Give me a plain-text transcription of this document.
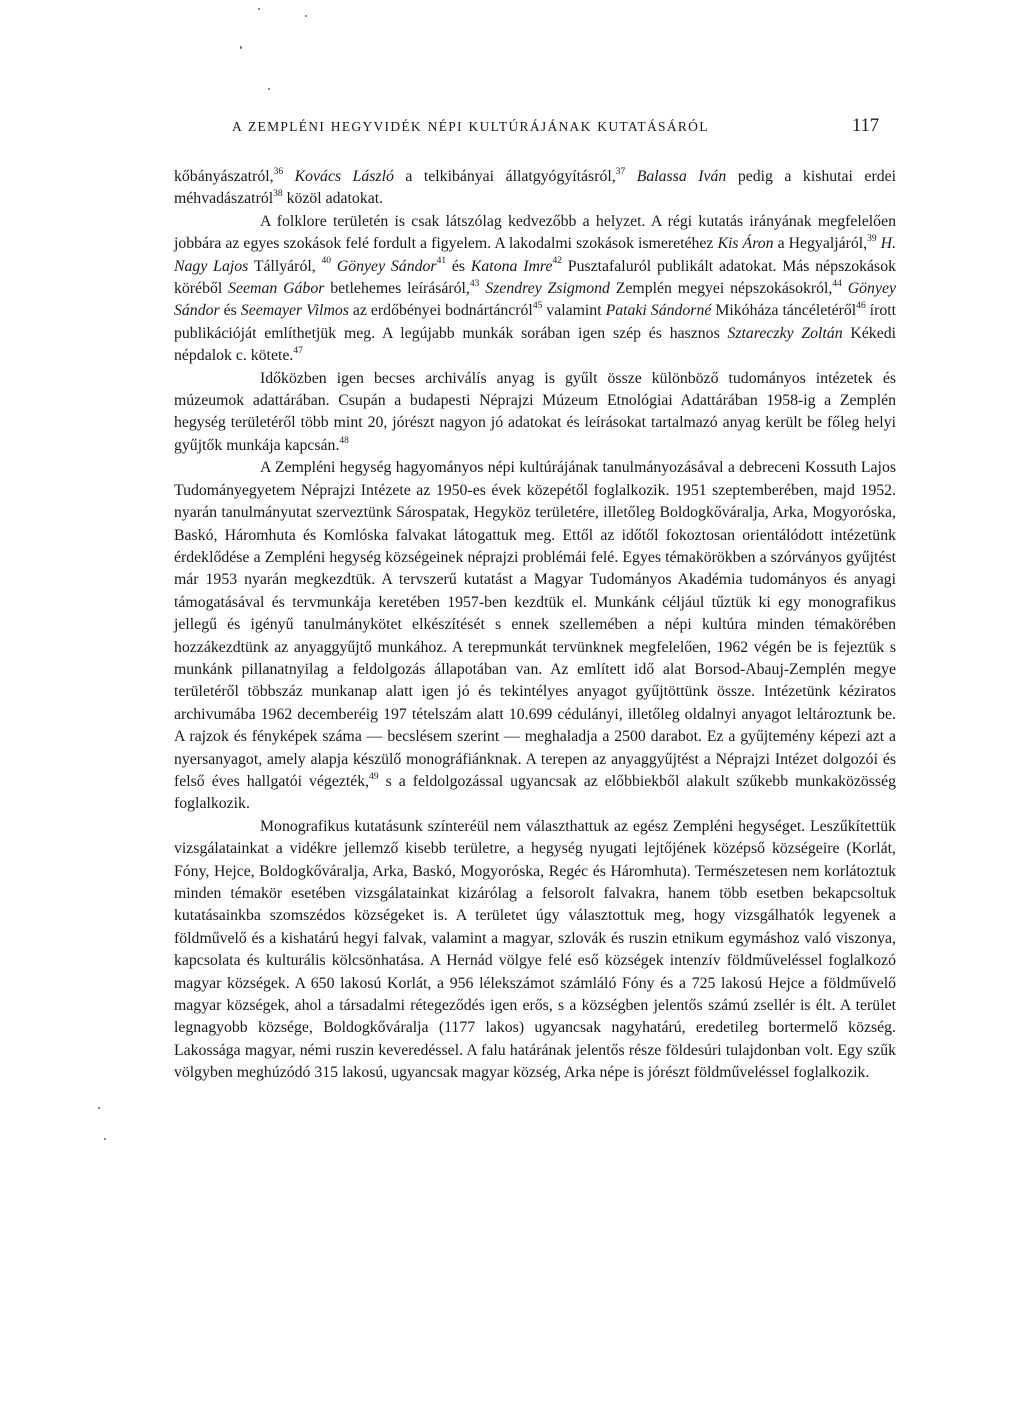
A ZEMPLÉNI HEGYVIDÉK NÉPI KULTÚRÁJÁNAK KUTATÁSÁRÓL	117

kőbányászatról,$^{36}$ Kovács László a telkibányai állatgyógyításról,$^{37}$ Balassa Iván pedig a kishutai erdei méhvadászatról$^{38}$ közöl adatokat.

A folklore területén is csak látszólag kedvezőbb a helyzet. A régi kutatás irányának megfelelően jobbára az egyes szokások felé fordult a figyelem. A lakodalmi szokások ismeretéhez Kis Áron a Hegyaljáról,$^{39}$ H. Nagy Lajos Tállyáról, $^{40}$ Gönyey Sándor$^{41}$ és Katona Imre$^{42}$ Pusztafaluról publikált adatokat. Más népszokások köréből Seeman Gábor betlehemes leírásáról,$^{43}$ Szendrey Zsigmond Zemplén megyei népszokásokról,$^{44}$ Gönyey Sándor és Seemayer Vilmos az erdőbényei bodnártáncról$^{45}$ valamint Pataki Sándorné Mikóháza táncéletéről$^{46}$ írott publikációját említhetjük meg. A legújabb munkák sorában igen szép és hasznos Sztareczky Zoltán Kékedi népdalok c. kötete.$^{47}$

Időközben igen becses archiválís anyag is gyűlt össze különböző tudományos intézetek és múzeumok adattárában. Csupán a budapesti Néprajzi Múzeum Etnológiai Adattárában 1958-ig a Zemplén hegység területéről több mint 20, jórészt nagyon jó adatokat és leírásokat tartalmazó anyag került be főleg helyi gyűjtők munkája kapcsán.$^{48}$

A Zempléni hegység hagyományos népi kultúrájának tanulmányozásával a debreceni Kossuth Lajos Tudományegyetem Néprajzi Intézete az 1950-es évek közepétől foglalkozik. 1951 szeptemberében, majd 1952. nyarán tanulmányutat szerveztünk Sárospatak, Hegyköz területére, illetőleg Boldogkőváralja, Arka, Mogyoróska, Baskó, Háromhuta és Komlóska falvakat látogattuk meg. Ettől az időtől fokoztosan orientálódott intézetünk érdeklődése a Zempléni hegység községeinek néprajzi problémái felé. Egyes témakörökben a szórványos gyűjtést már 1953 nyarán megkezdtük. A tervszerű kutatást a Magyar Tudományos Akadémia tudományos és anyagi támogatásával és tervmunkája keretében 1957-ben kezdtük el. Munkánk céljául tűztük ki egy monografikus jellegű és igényű tanulmánykötet elkészítését s ennek szellemében a népi kultúra minden témakörében hozzákezdtünk az anyaggyűjtő munkához. A terepmunkát tervünknek megfelelően, 1962 végén be is fejeztük s munkánk pillanatnyilag a feldolgozás állapotában van. Az említett idő alat Borsod-Abauj-Zemplén megye területéről többszáz munkanap alatt igen jó és tekintélyes anyagot gyűjtöttünk össze. Intézetünk kéziratos archivumába 1962 decemberéig 197 tételszám alatt 10.699 cédulányi, illetőleg oldalnyi anyagot leltároztunk be. A rajzok és fényképek száma — becslésem szerint — meghaladja a 2500 darabot. Ez a gyűjtemény képezi azt a nyersanyagot, amely alapja készülő monográfiánknak. A terepen az anyaggyűjtést a Néprajzi Intézet dolgozói és felső éves hallgatói végezték,$^{49}$ s a feldolgozással ugyancsak az előbbiekből alakult szűkebb munkaközösség foglalkozik.

Monografikus kutatásunk színteréül nem választhattuk az egész Zempléni hegységet. Leszűkítettük vizsgálatainkat a vidékre jellemző kisebb területre, a hegység nyugati lejtőjének középső községeire (Korlát, Fóny, Hejce, Boldogkőváralja, Arka, Baskó, Mogyoróska, Regéc és Háromhuta). Természetesen nem korlátoztuk minden témakör esetében vizsgálatainkat kizárólag a felsorolt falvakra, hanem több esetben bekapcsoltuk kutatásainkba szomszédos községeket is. A területet úgy választottuk meg, hogy vizsgálhatók legyenek a földművelő és a kishatárú hegyi falvak, valamint a magyar, szlovák és ruszin etnikum egymáshoz való viszonya, kapcsolata és kulturális kölcsönhatása. A Hernád völgye felé eső községek intenzív földműveléssel foglalkozó magyar községek. A 650 lakosú Korlát, a 956 lélekszámot számláló Fóny és a 725 lakosú Hejce a földművelő magyar községek, ahol a társadalmi rétegeződés igen erős, s a községben jelentős számú zsellér is élt. A terület legnagyobb községe, Boldogkőváralja (1177 lakos) ugyancsak nagyhatárú, eredetileg bortermelő község. Lakossága magyar, némi ruszin keveredéssel. A falu határának jelentős része földesúri tulajdonban volt. Egy szűk völgyben meghúzódó 315 lakosú, ugyancsak magyar község, Arka népe is jórészt földműveléssel foglalkozik.
